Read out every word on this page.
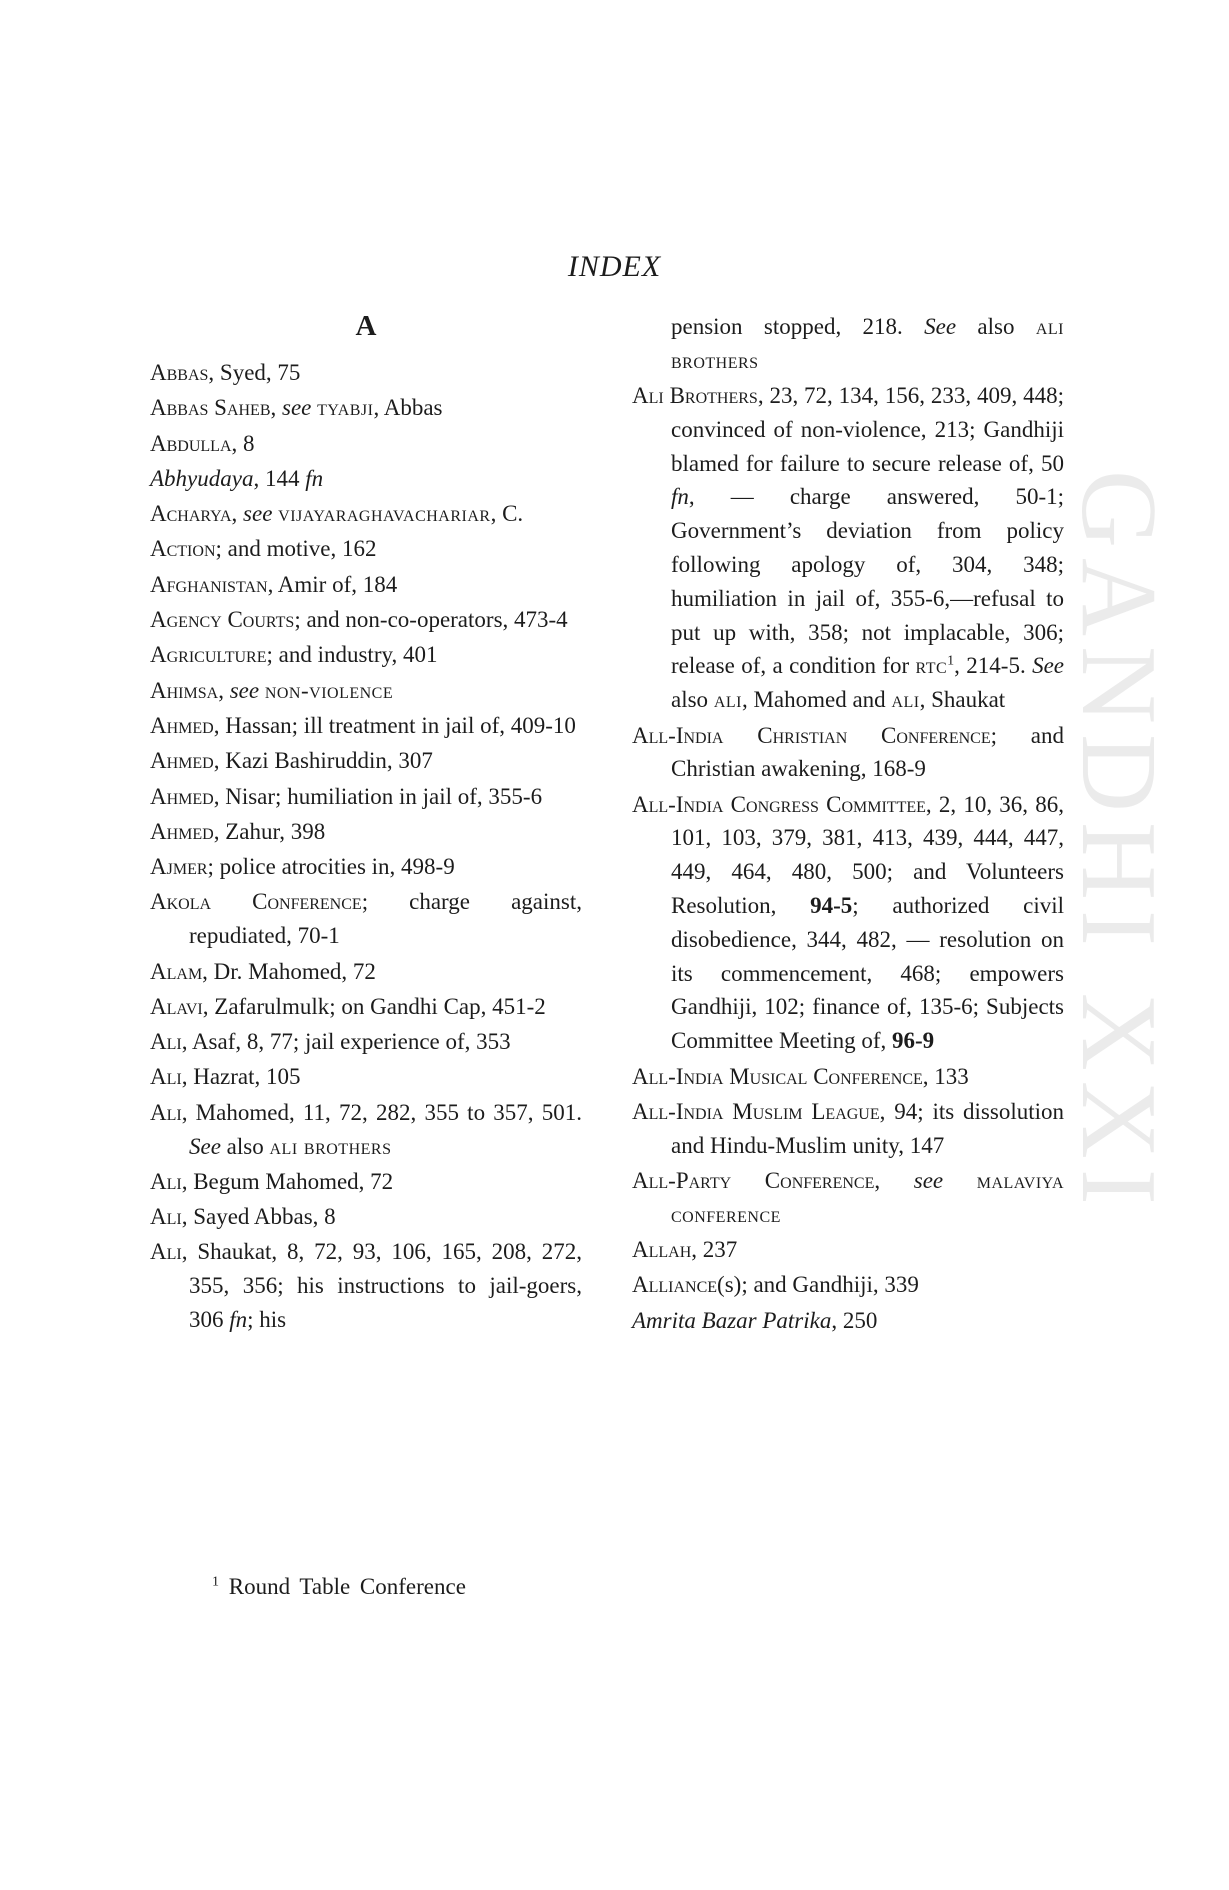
GANDHI XXI
INDEX
A
Abbas, Syed, 75
Abbas Saheb, see tyabji, Abbas
Abdulla, 8
Abhyudaya, 144 fn
Acharya, see vijayaraghavachariar, C.
Action; and motive, 162
Afghanistan, Amir of, 184
Agency Courts; and non-co-operators, 473-4
Agriculture; and industry, 401
Ahimsa, see non-violence
Ahmed, Hassan; ill treatment in jail of, 409-10
Ahmed, Kazi Bashiruddin, 307
Ahmed, Nisar; humiliation in jail of, 355-6
Ahmed, Zahur, 398
Ajmer; police atrocities in, 498-9
Akola Conference; charge against, repudiated, 70-1
Alam, Dr. Mahomed, 72
Alavi, Zafarulmulk; on Gandhi Cap, 451-2
Ali, Asaf, 8, 77; jail experience of, 353
Ali, Hazrat, 105
Ali, Mahomed, 11, 72, 282, 355 to 357, 501. See also ali brothers
Ali, Begum Mahomed, 72
Ali, Sayed Abbas, 8
Ali, Shaukat, 8, 72, 93, 106, 165, 208, 272, 355, 356; his instructions to jail-goers, 306 fn; his
pension stopped, 218. See also ali brothers
Ali Brothers, 23, 72, 134, 156, 233, 409, 448; convinced of non-violence, 213; Gandhiji blamed for failure to secure release of, 50 fn, — charge answered, 50-1; Government’s deviation from policy following apology of, 304, 348; humiliation in jail of, 355-6,—refusal to put up with, 358; not implacable, 306; release of, a condition for rtc$^1$, 214-5. See also ali, Mahomed and ali, Shaukat
All-India Christian Conference; and Christian awakening, 168-9
All-India Congress Committee, 2, 10, 36, 86, 101, 103, 379, 381, 413, 439, 444, 447, 449, 464, 480, 500; and Volunteers Resolution, 94-5; authorized civil disobedience, 344, 482, — resolution on its commencement, 468; empowers Gandhiji, 102; finance of, 135-6; Subjects Committee Meeting of, 96-9
All-India Musical Conference, 133
All-India Muslim League, 94; its dissolution and Hindu-Muslim unity, 147
All-Party Conference, see malaviya conference
Allah, 237
Alliance(s); and Gandhiji, 339
Amrita Bazar Patrika, 250
$^1$ Round Table Conference
